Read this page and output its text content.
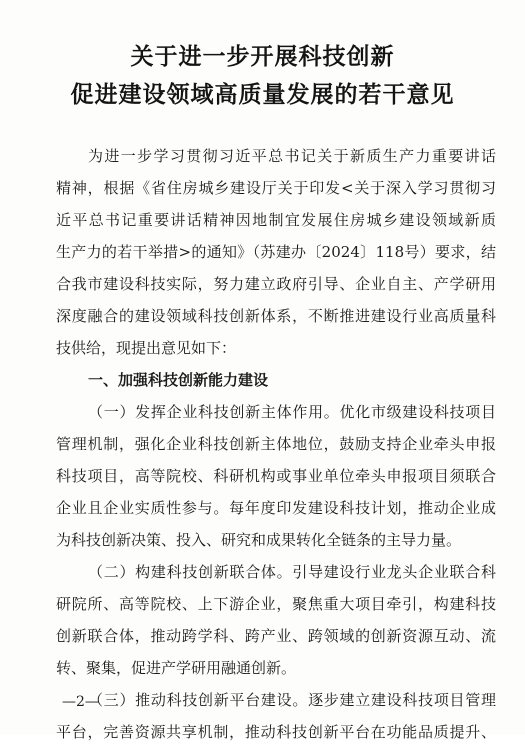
关于进一步开展科技创新
促进建设领域高质量发展的若干意见
为进一步学习贯彻习近平总书记关于新质生产力重要讲话
精神，根据《省住房城乡建设厅关于印发<关于深入学习贯彻习
近平总书记重要讲话精神因地制宜发展住房城乡建设领域新质
生产力的若干举措>的通知》（苏建办〔2024〕118号）要求，结
合我市建设科技实际，努力建立政府引导、企业自主、产学研用
深度融合的建设领域科技创新体系，不断推进建设行业高质量科
技供给，现提出意见如下：
一、加强科技创新能力建设
（一）发挥企业科技创新主体作用。优化市级建设科技项目
管理机制，强化企业科技创新主体地位，鼓励支持企业牵头申报
科技项目，高等院校、科研机构或事业单位牵头申报项目须联合
企业且企业实质性参与。每年度印发建设科技计划，推动企业成
为科技创新决策、投入、研究和成果转化全链条的主导力量。
（二）构建科技创新联合体。引导建设行业龙头企业联合科
研院所、高等院校、上下游企业，聚焦重大项目牵引，构建科技
创新联合体，推动跨学科、跨产业、跨领域的创新资源互动、流
转、聚集，促进产学研用融通创新。
（三）推动科技创新平台建设。逐步建立建设科技项目管理
平台，完善资源共享机制，推动科技创新平台在功能品质提升、
—2—
